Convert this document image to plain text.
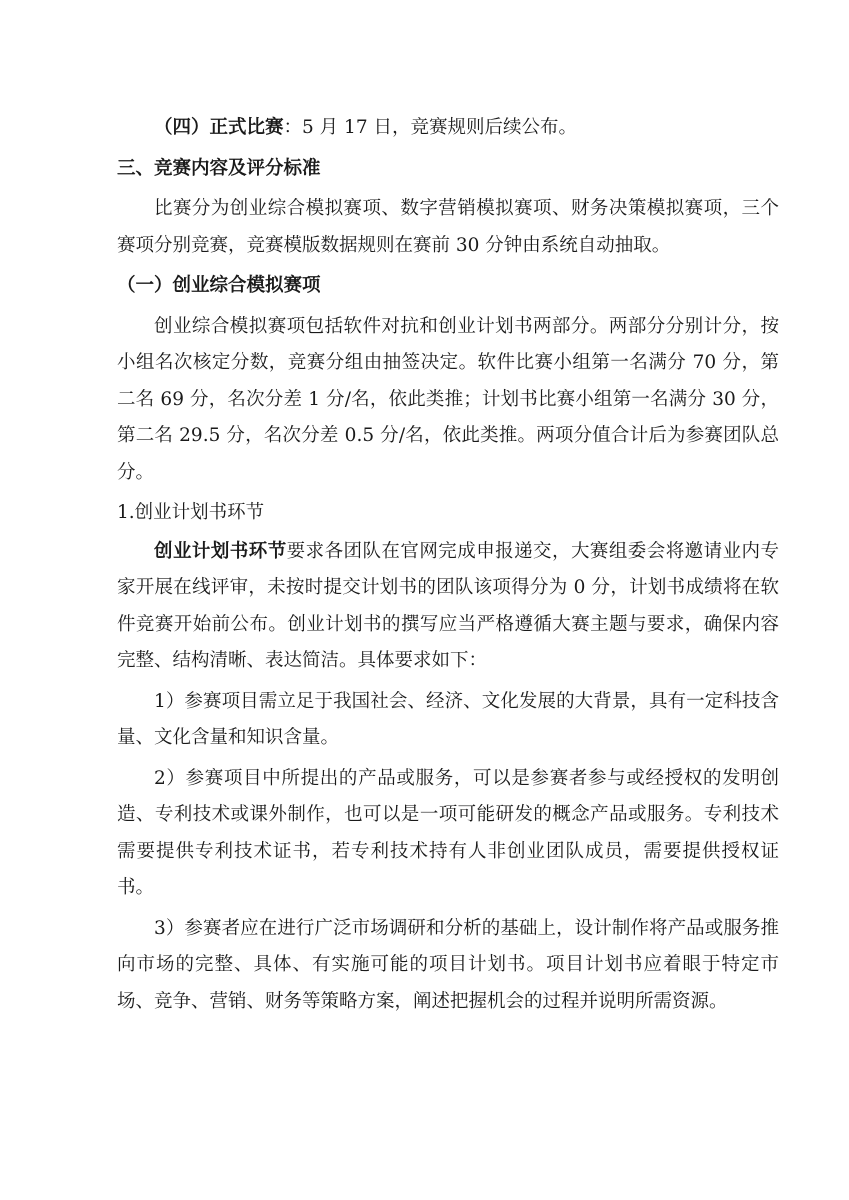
（四）正式比赛：5 月 17 日，竞赛规则后续公布。

三、竞赛内容及评分标准

比赛分为创业综合模拟赛项、数字营销模拟赛项、财务决策模拟赛项，三个赛项分别竞赛，竞赛模版数据规则在赛前 30 分钟由系统自动抽取。

（一）创业综合模拟赛项

创业综合模拟赛项包括软件对抗和创业计划书两部分。两部分分别计分，按小组名次核定分数，竞赛分组由抽签决定。软件比赛小组第一名满分 70 分，第二名 69 分，名次分差 1 分/名，依此类推；计划书比赛小组第一名满分 30 分，第二名 29.5 分，名次分差 0.5 分/名，依此类推。两项分值合计后为参赛团队总分。

1.创业计划书环节

创业计划书环节要求各团队在官网完成申报递交，大赛组委会将邀请业内专家开展在线评审，未按时提交计划书的团队该项得分为 0 分，计划书成绩将在软件竞赛开始前公布。创业计划书的撰写应当严格遵循大赛主题与要求，确保内容完整、结构清晰、表达简洁。具体要求如下：

1）参赛项目需立足于我国社会、经济、文化发展的大背景，具有一定科技含量、文化含量和知识含量。

2）参赛项目中所提出的产品或服务，可以是参赛者参与或经授权的发明创造、专利技术或课外制作，也可以是一项可能研发的概念产品或服务。专利技术需要提供专利技术证书，若专利技术持有人非创业团队成员，需要提供授权证书。

3）参赛者应在进行广泛市场调研和分析的基础上，设计制作将产品或服务推向市场的完整、具体、有实施可能的项目计划书。项目计划书应着眼于特定市场、竞争、营销、财务等策略方案，阐述把握机会的过程并说明所需资源。
